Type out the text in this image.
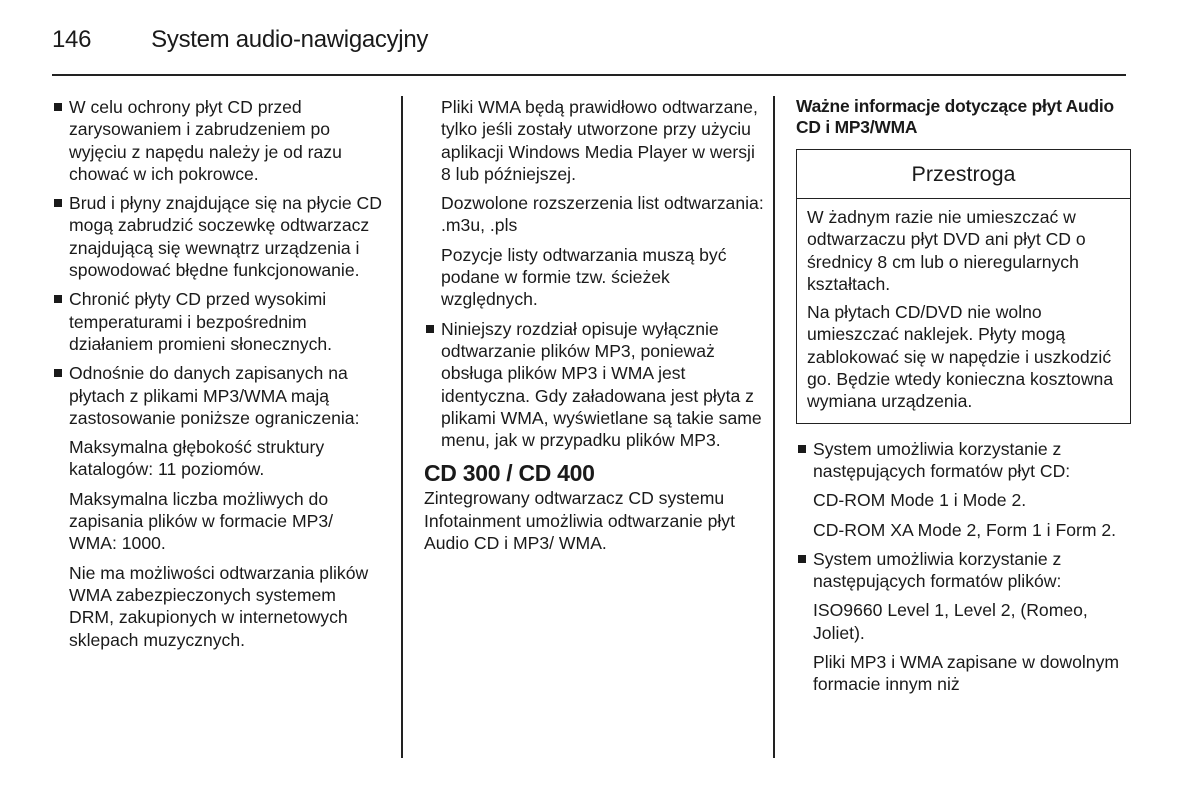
146	System audio-nawigacyjny

W celu ochrony płyt CD przed zarysowaniem i zabrudzeniem po wyjęciu z napędu należy je od razu chować w ich pokrowce.

Brud i płyny znajdujące się na płycie CD mogą zabrudzić soczewkę odtwarzacz znajdującą się wewnątrz urządzenia i spowodować błędne funkcjonowanie.

Chronić płyty CD przed wysokimi temperaturami i bezpośrednim działaniem promieni słonecznych.

Odnośnie do danych zapisanych na płytach z plikami MP3/WMA mają zastosowanie poniższe ograniczenia:

Maksymalna głębokość struktury katalogów: 11 poziomów.

Maksymalna liczba możliwych do zapisania plików w formacie MP3/ WMA: 1000.

Nie ma możliwości odtwarzania plików WMA zabezpieczonych systemem DRM, zakupionych w internetowych sklepach muzycznych.

Pliki WMA będą prawidłowo odtwarzane, tylko jeśli zostały utworzone przy użyciu aplikacji Windows Media Player w wersji 8 lub późniejszej.

Dozwolone rozszerzenia list odtwarzania: .m3u, .pls

Pozycje listy odtwarzania muszą być podane w formie tzw. ścieżek względnych.

Niniejszy rozdział opisuje wyłącznie odtwarzanie plików MP3, ponieważ obsługa plików MP3 i WMA jest identyczna. Gdy załadowana jest płyta z plikami WMA, wyświetlane są takie same menu, jak w przypadku plików MP3.

CD 300 / CD 400

Zintegrowany odtwarzacz CD systemu Infotainment umożliwia odtwarzanie płyt Audio CD i MP3/ WMA.

Ważne informacje dotyczące płyt Audio CD i MP3/WMA

Przestroga

W żadnym razie nie umieszczać w odtwarzaczu płyt DVD ani płyt CD o średnicy 8 cm lub o nieregularnych kształtach.

Na płytach CD/DVD nie wolno umieszczać naklejek. Płyty mogą zablokować się w napędzie i uszkodzić go. Będzie wtedy konieczna kosztowna wymiana urządzenia.

System umożliwia korzystanie z następujących formatów płyt CD:

CD-ROM Mode 1 i Mode 2.

CD-ROM XA Mode 2, Form 1 i Form 2.

System umożliwia korzystanie z następujących formatów plików:

ISO9660 Level 1, Level 2, (Romeo, Joliet).

Pliki MP3 i WMA zapisane w dowolnym formacie innym niż
